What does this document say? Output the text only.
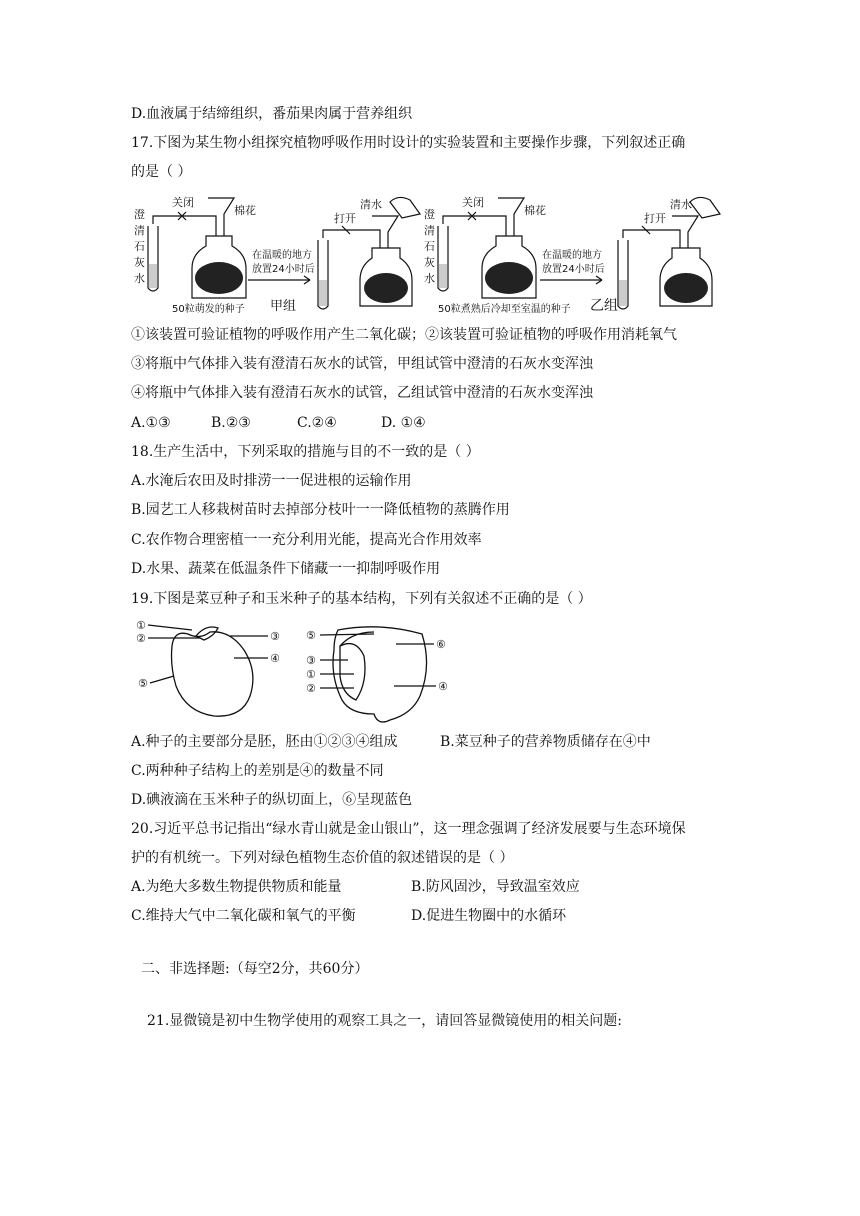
D.血液属于结缔组织，番茄果肉属于营养组织
17.下图为某生物小组探究植物呼吸作用时设计的实验装置和主要操作步骤，下列叙述正确
的是（ ）
澄
清
石
灰
水
关闭
棉花
在温暖的地方
放置24小时后
清水
打开
50粒萌发的种子 甲组
澄
清
石
灰
水
关闭
棉花
在温暖的地方
放置24小时后
清水
打开
50粒煮熟后冷却至室温的种子 乙组
①该装置可验证植物的呼吸作用产生二氧化碳；②该装置可验证植物的呼吸作用消耗氧气
③将瓶中气体排入装有澄清石灰水的试管，甲组试管中澄清的石灰水变浑浊
④将瓶中气体排入装有澄清石灰水的试管，乙组试管中澄清的石灰水变浑浊
A.①③	B.②③	C.②④	D. ①④
18.生产生活中，下列采取的措施与目的不一致的是（ ）
A.水淹后农田及时排涝一一促进根的运输作用
B.园艺工人移栽树苗时去掉部分枝叶一一降低植物的蒸腾作用
C.农作物合理密植一一充分利用光能，提高光合作用效率
D.水果、蔬菜在低温条件下储藏一一抑制呼吸作用
19.下图是菜豆种子和玉米种子的基本结构，下列有关叙述不正确的是（ ）
①
②	③
④
⑤
⑤
③
①
②
⑥
④
A.种子的主要部分是胚，胚由①②③④组成	B.菜豆种子的营养物质储存在④中
C.两种种子结构上的差别是④的数量不同
D.碘液滴在玉米种子的纵切面上，⑥呈现蓝色
20.习近平总书记指出“绿水青山就是金山银山”，这一理念强调了经济发展要与生态环境保
护的有机统一。下列对绿色植物生态价值的叙述错误的是（ ）
A.为绝大多数生物提供物质和能量	B.防风固沙，导致温室效应
C.维持大气中二氧化碳和氧气的平衡	D.促进生物圈中的水循环
二、非选择题:（每空2分，共60分）
21.显微镜是初中生物学使用的观察工具之一，请回答显微镜使用的相关问题:
